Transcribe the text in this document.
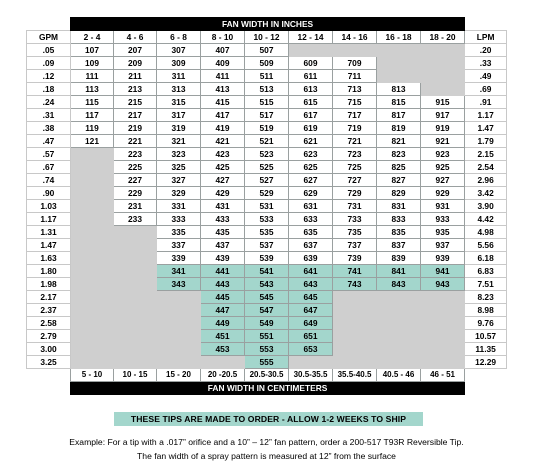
	FAN WIDTH IN INCHES									
GPM	2 - 4	4 - 6	6 - 8	8 - 10	10 - 12	12 - 14	14 - 16	16 - 18	18 - 20	LPM
.05	107	207	307	407	507					.20
.09	109	209	309	409	509	609	709			.33
.12	111	211	311	411	511	611	711			.49
.18	113	213	313	413	513	613	713	813		.69
.24	115	215	315	415	515	615	715	815	915	.91
.31	117	217	317	417	517	617	717	817	917	1.17
.38	119	219	319	419	519	619	719	819	919	1.47
.47	121	221	321	421	521	621	721	821	921	1.79
.57		223	323	423	523	623	723	823	923	2.15
.67		225	325	425	525	625	725	825	925	2.54
.74		227	327	427	527	627	727	827	927	2.96
.90		229	329	429	529	629	729	829	929	3.42
1.03		231	331	431	531	631	731	831	931	3.90
1.17		233	333	433	533	633	733	833	933	4.42
1.31			335	435	535	635	735	835	935	4.98
1.47			337	437	537	637	737	837	937	5.56
1.63			339	439	539	639	739	839	939	6.18
1.80			341	441	541	641	741	841	941	6.83
1.98			343	443	543	643	743	843	943	7.51
2.17				445	545	645				8.23
2.37				447	547	647				8.98
2.58				449	549	649				9.76
2.79				451	551	651				10.57
3.00				453	553	653				11.35
3.25					555					12.29
	5 - 10	10 - 15	15 - 20	20 -20.5	20.5-30.5	30.5-35.5	35.5-40.5	40.5 - 46	46 - 51	
	FAN WIDTH IN CENTIMETERS									
THESE TIPS ARE MADE TO ORDER - ALLOW 1-2 WEEKS TO SHIP
Example: For a tip with a .017” orifice and a 10” – 12” fan pattern, order a 200-517 T93R Reversible Tip.
The fan width of a spray pattern is measured at 12” from the surface
